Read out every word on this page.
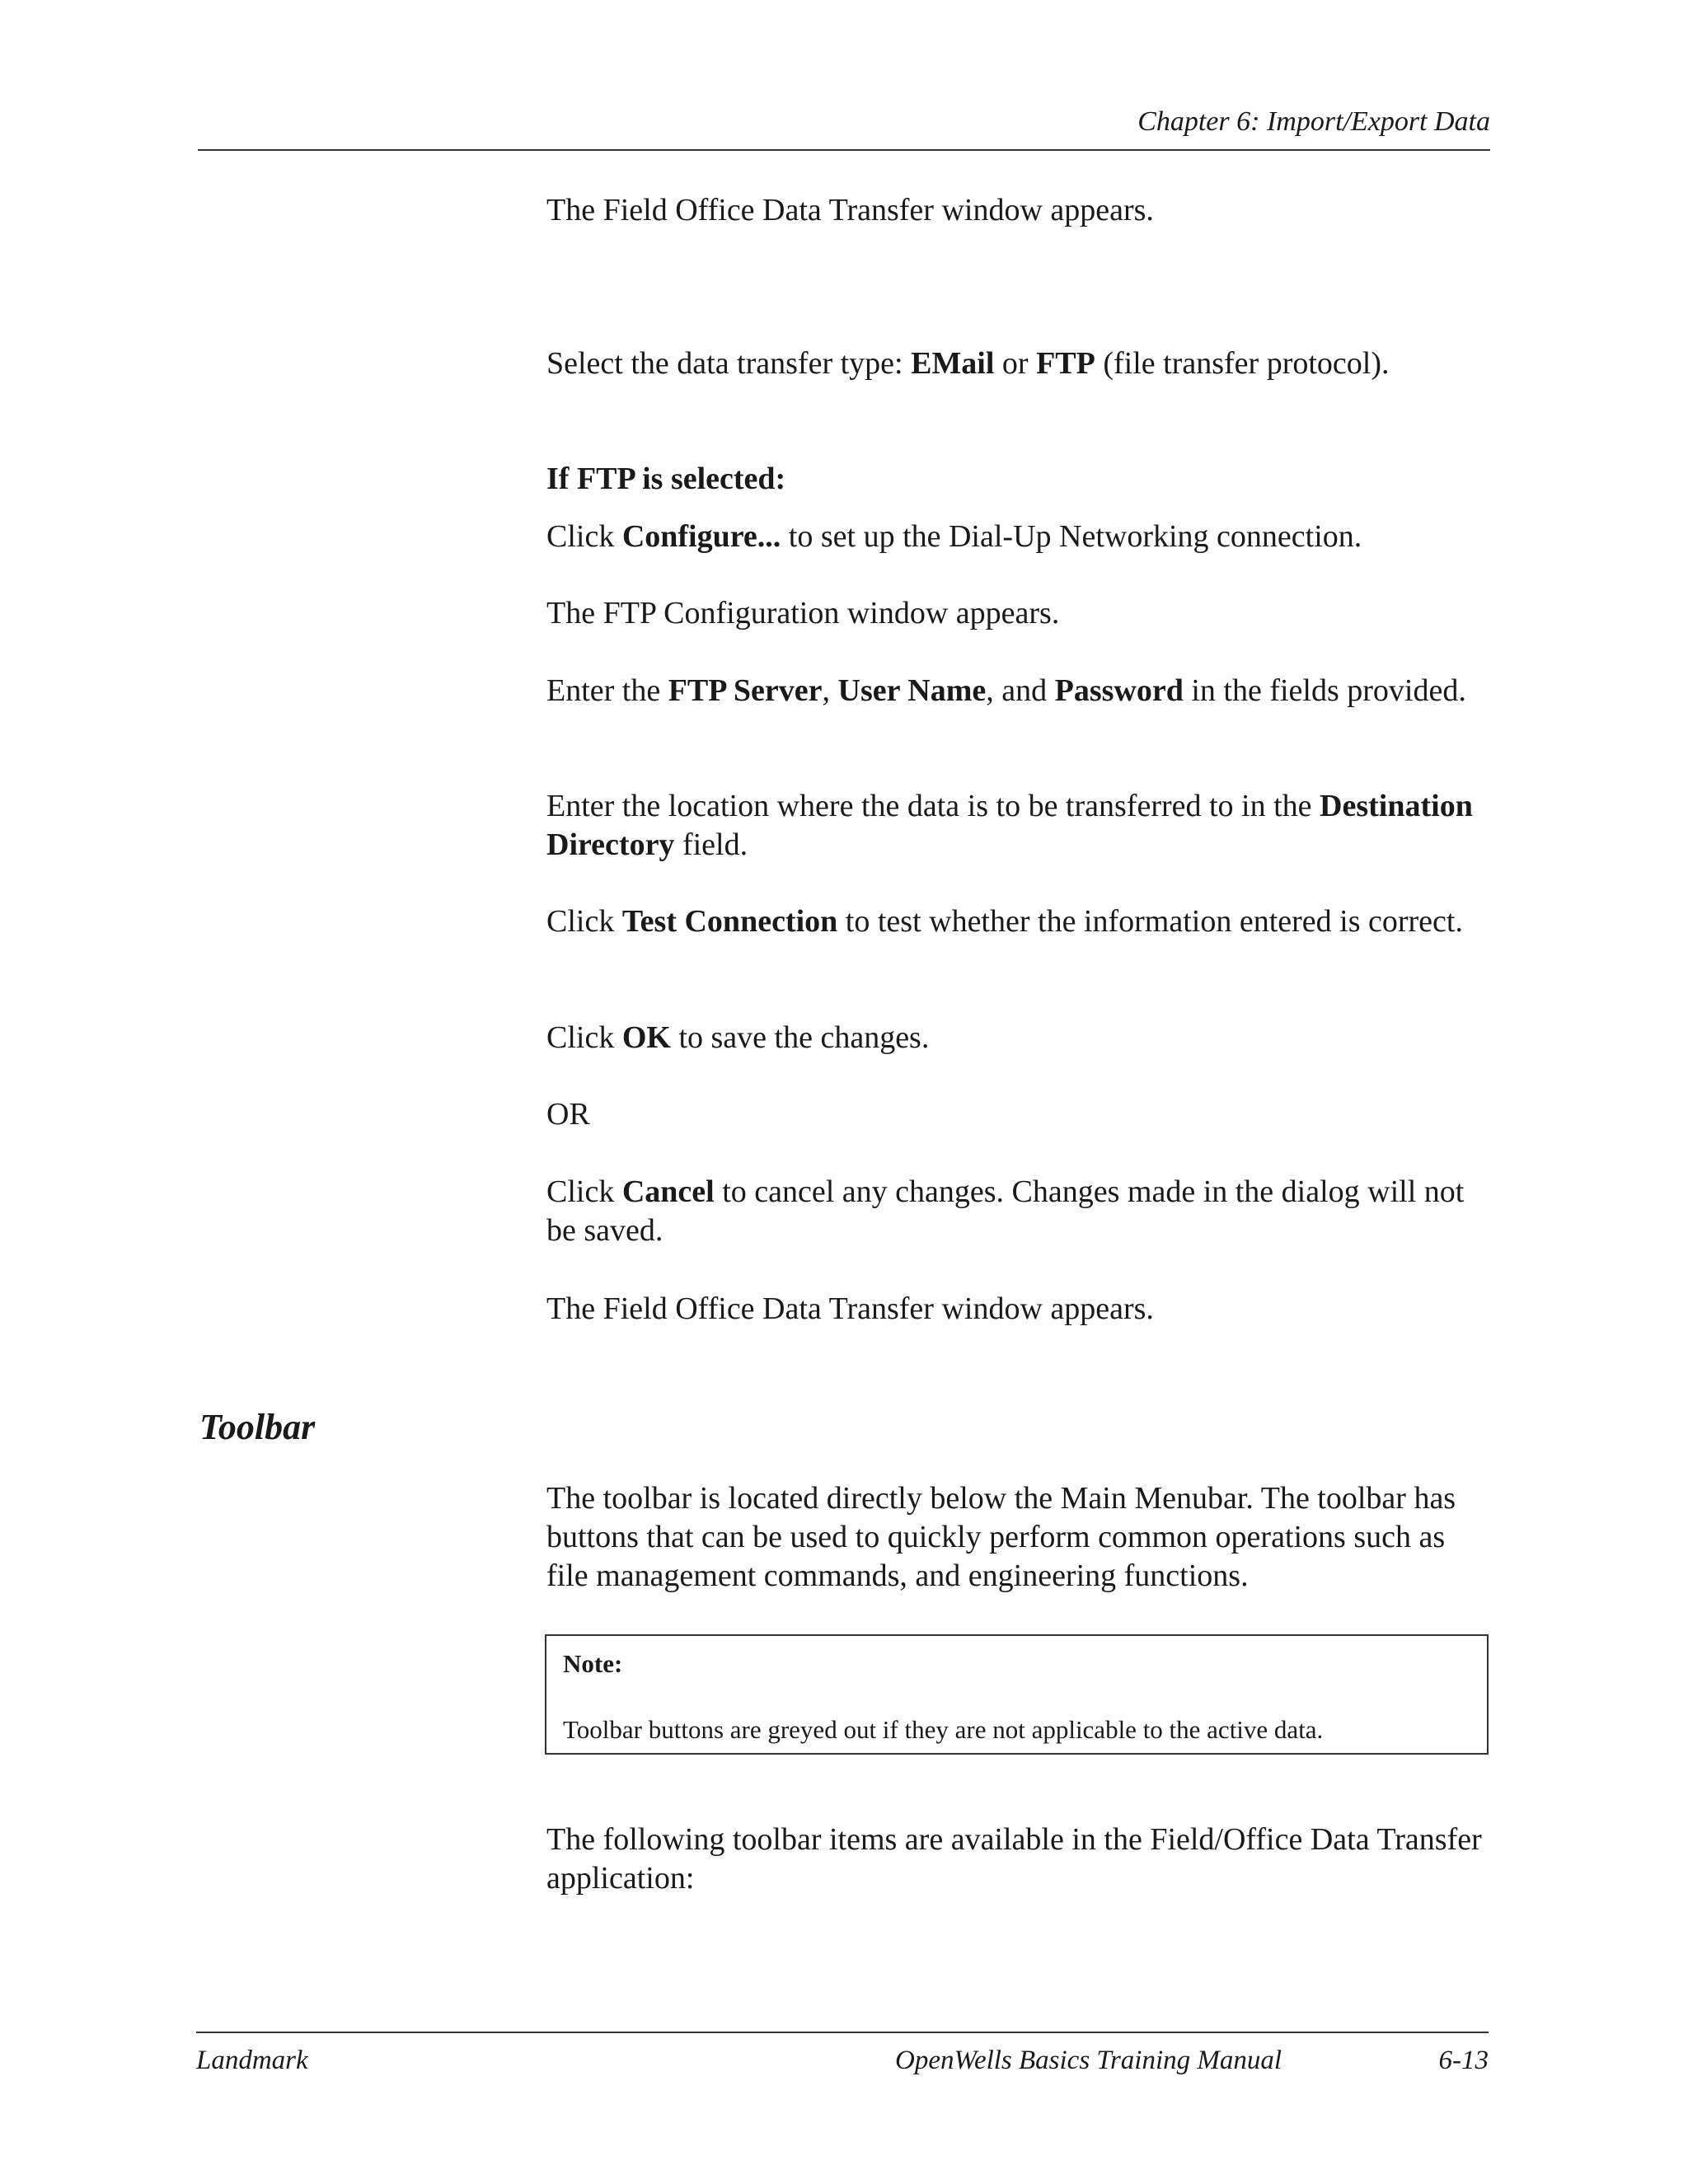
Chapter 6: Import/Export Data

The Field Office Data Transfer window appears.

Select the data transfer type: EMail or FTP (file transfer protocol).

If FTP is selected:

Click Configure... to set up the Dial-Up Networking connection.

The FTP Configuration window appears.

Enter the FTP Server, User Name, and Password in the fields provided.

Enter the location where the data is to be transferred to in the Destination Directory field.

Click Test Connection to test whether the information entered is correct.

Click OK to save the changes.

OR

Click Cancel to cancel any changes. Changes made in the dialog will not be saved.

The Field Office Data Transfer window appears.

Toolbar

The toolbar is located directly below the Main Menubar. The toolbar has buttons that can be used to quickly perform common operations such as file management commands, and engineering functions.

Note:

Toolbar buttons are greyed out if they are not applicable to the active data.

The following toolbar items are available in the Field/Office Data Transfer application:

Landmark	OpenWells Basics Training Manual	6-13
